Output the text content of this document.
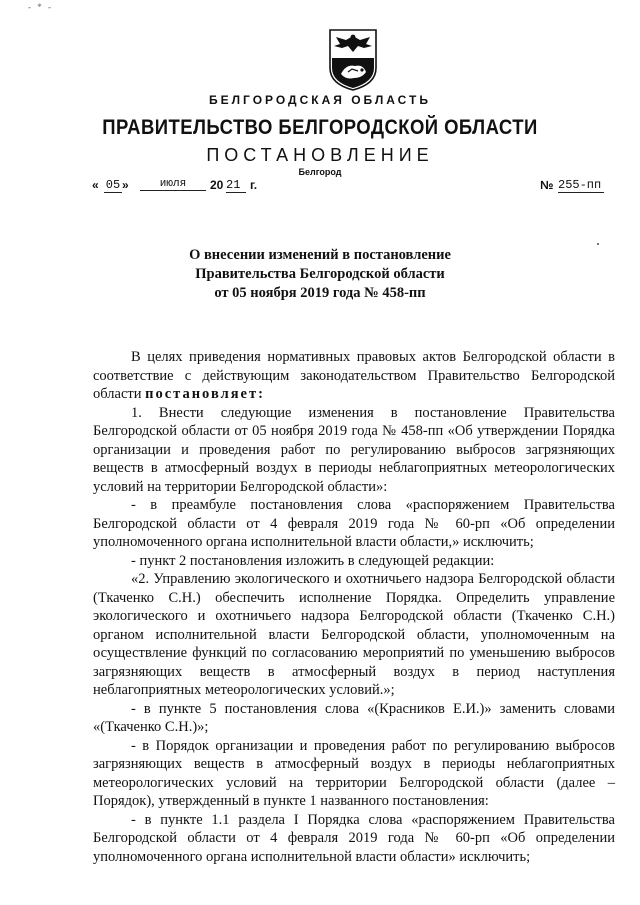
- * -
БЕЛГОРОДСКАЯ ОБЛАСТЬ
ПРАВИТЕЛЬСТВО БЕЛГОРОДСКОЙ ОБЛАСТИ
ПОСТАНОВЛЕНИЕ
Белгород
« 05 »	июля	20 21 г.	№ 255-пп
О внесении изменений в постановление
Правительства Белгородской области
от 05 ноября 2019 года № 458-пп

В целях приведения нормативных правовых актов Белгородской области в соответствие с действующим законодательством Правительство Белгородской области постановляет:

1. Внести следующие изменения в постановление Правительства Белгородской области от 05 ноября 2019 года № 458-пп «Об утверждении Порядка организации и проведения работ по регулированию выбросов загрязняющих веществ в атмосферный воздух в периоды неблагоприятных метеорологических условий на территории Белгородской области»:

- в преамбуле постановления слова «распоряжением Правительства Белгородской области от 4 февраля 2019 года № 60-рп «Об определении уполномоченного органа исполнительной власти области,» исключить;

- пункт 2 постановления изложить в следующей редакции:

«2. Управлению экологического и охотничьего надзора Белгородской области (Ткаченко С.Н.) обеспечить исполнение Порядка. Определить управление экологического и охотничьего надзора Белгородской области (Ткаченко С.Н.) органом исполнительной власти Белгородской области, уполномоченным на осуществление функций по согласованию мероприятий по уменьшению выбросов загрязняющих веществ в атмосферный воздух в период наступления неблагоприятных метеорологических условий.»;

- в пункте 5 постановления слова «(Красников Е.И.)» заменить словами «(Ткаченко С.Н.)»;

- в Порядок организации и проведения работ по регулированию выбросов загрязняющих веществ в атмосферный воздух в периоды неблагоприятных метеорологических условий на территории Белгородской области (далее – Порядок), утвержденный в пункте 1 названного постановления:

- в пункте 1.1 раздела I Порядка слова «распоряжением Правительства Белгородской области от 4 февраля 2019 года № 60-рп «Об определении уполномоченного органа исполнительной власти области» исключить;
